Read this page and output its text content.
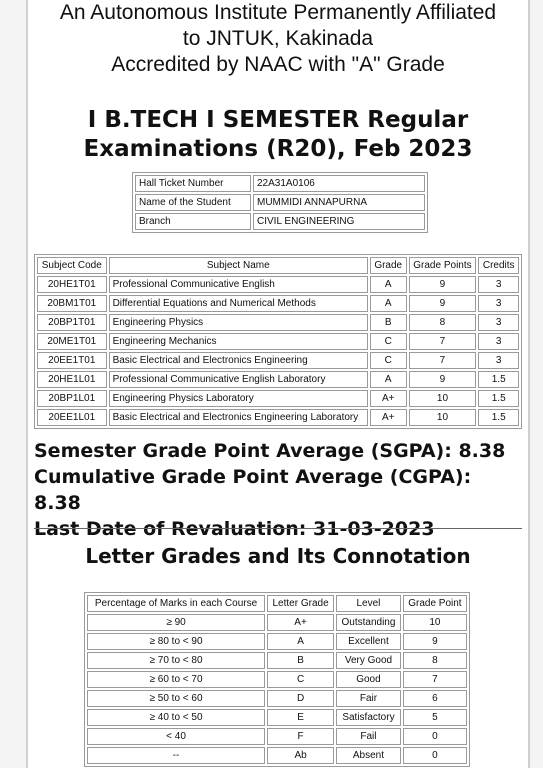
An Autonomous Institute Permanently Affiliated
to JNTUK, Kakinada
Accredited by NAAC with "A" Grade
I B.TECH I SEMESTER Regular
Examinations (R20), Feb 2023
Hall Ticket Number	22A31A0106
Name of the Student	MUMMIDI ANNAPURNA
Branch	CIVIL ENGINEERING
Subject Code	Subject Name	Grade	Grade Points	Credits
20HE1T01	Professional Communicative English	A	9	3
20BM1T01	Differential Equations and Numerical Methods	A	9	3
20BP1T01	Engineering Physics	B	8	3
20ME1T01	Engineering Mechanics	C	7	3
20EE1T01	Basic Electrical and Electronics Engineering	C	7	3
20HE1L01	Professional Communicative English Laboratory	A	9	1.5
20BP1L01	Engineering Physics Laboratory	A+	10	1.5
20EE1L01	Basic Electrical and Electronics Engineering Laboratory	A+	10	1.5
Semester Grade Point Average (SGPA): 8.38
Cumulative Grade Point Average (CGPA): 8.38
Last Date of Revaluation: 31-03-2023
Letter Grades and Its Connotation
Percentage of Marks in each Course	Letter Grade	Level	Grade Point
≥ 90	A+	Outstanding	10
≥ 80 to < 90	A	Excellent	9
≥ 70 to < 80	B	Very Good	8
≥ 60 to < 70	C	Good	7
≥ 50 to < 60	D	Fair	6
≥ 40 to < 50	E	Satisfactory	5
< 40	F	Fail	0
--	Ab	Absent	0
